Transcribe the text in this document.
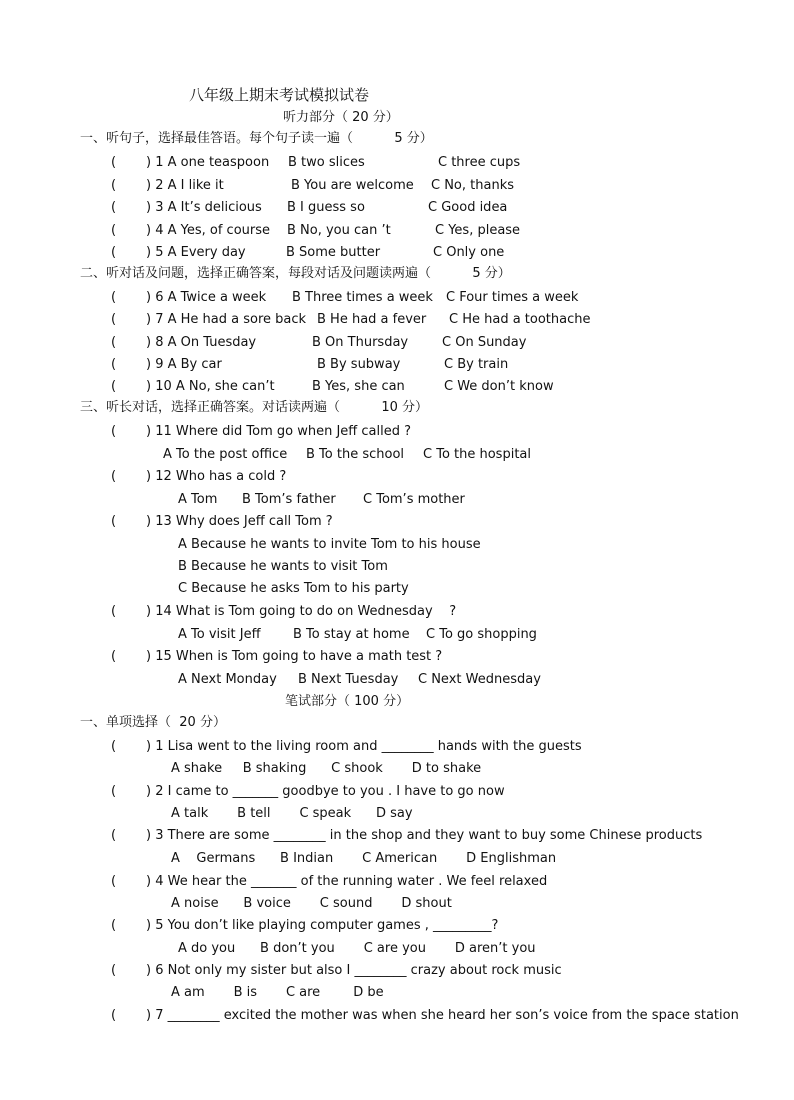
八年级上期末考试模拟试卷
听力部分（ 20 分）
一、听句子，选择最佳答语。每个句子读一遍（          5 分）
( ) 1 A one teaspoon B two slices	C three cups
( ) 2 A I like it	B You are welcome C No, thanks
( ) 3 A It’s delicious B I guess so	C Good idea
( ) 4 A Yes, of course B No, you can ’t	C Yes, please
( ) 5 A Every day	B Some butter	C Only one
二、听对话及问题，选择正确答案，每段对话及问题读两遍（          5 分）
( ) 6 A Twice a week B Three times a week C Four times a week
( ) 7 A He had a sore back B He had a fever C He had a toothache
( ) 8 A On Tuesday	B On Thursday	C On Sunday
( ) 9 A By car	B By subway	C By train
( ) 10 A No, she can’t	B Yes, she can	C We don’t know
三、听长对话，选择正确答案。对话读两遍（          10 分）
( ) 11 Where did Tom go when Jeff called ?
A To the post office B To the school C To the hospital
( ) 12 Who has a cold ?
A Tom B Tom’s father C Tom’s mother
( ) 13 Why does Jeff call Tom ?
A Because he wants to invite Tom to his house
B Because he wants to visit Tom
C Because he asks Tom to his party
( ) 14 What is Tom going to do on Wednesday    ?
A To visit Jeff B To stay at home C To go shopping
( ) 15 When is Tom going to have a math test ?
A Next Monday B Next Tuesday C Next Wednesday
笔试部分（ 100 分）
一、单项选择（  20 分）
( ) 1 Lisa went to the living room and ________ hands with the guests
A shake     B shaking      C shook       D to shake
( ) 2 I came to _______ goodbye to you . I have to go now
A talk       B tell       C speak      D say
( ) 3 There are some ________ in the shop and they want to buy some Chinese products
A    Germans      B Indian       C American       D Englishman
( ) 4 We hear the _______ of the running water . We feel relaxed
A noise      B voice       C sound       D shout
( ) 5 You don’t like playing computer games , _________?
A do you      B don’t you       C are you       D aren’t you
( ) 6 Not only my sister but also I ________ crazy about rock music
A am       B is       C are        D be
( ) 7 ________ excited the mother was when she heard her son’s voice from the space station
